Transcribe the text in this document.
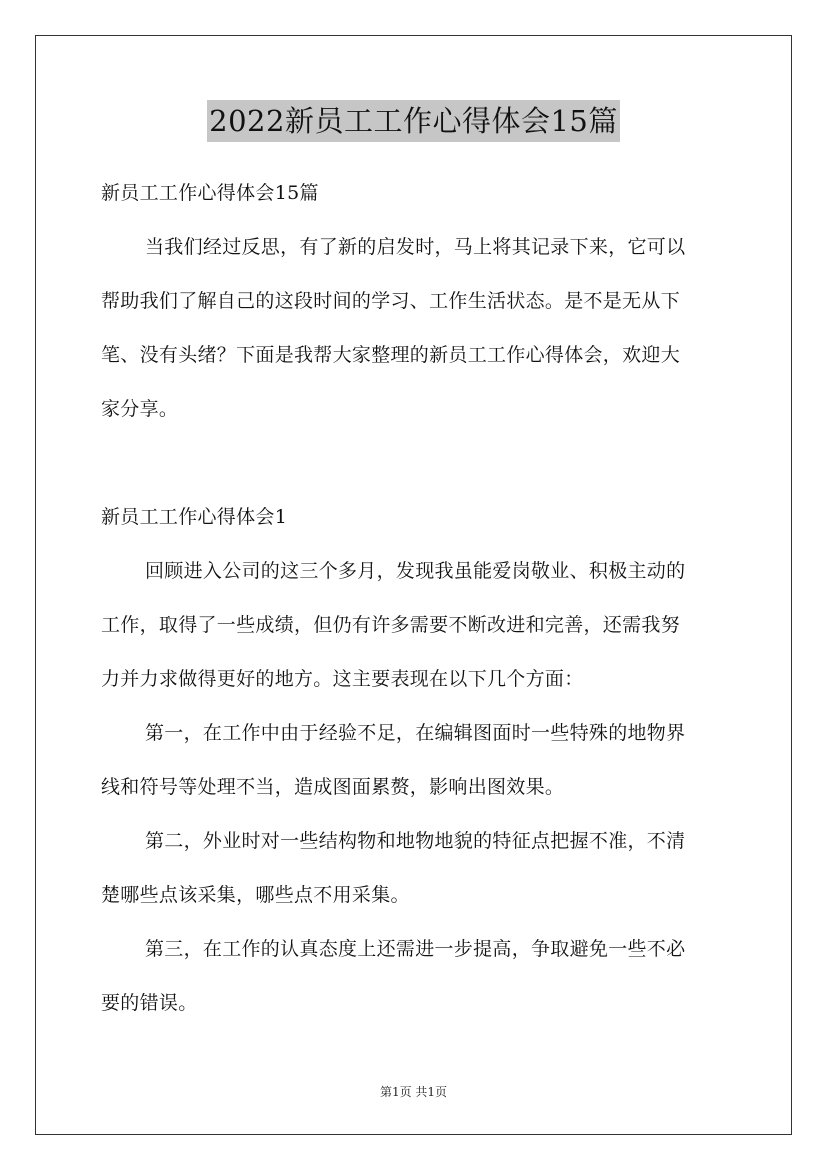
2022新员工工作心得体会15篇
新员工工作心得体会15篇
当我们经过反思，有了新的启发时，马上将其记录下来，它可以
帮助我们了解自己的这段时间的学习、工作生活状态。是不是无从下
笔、没有头绪？下面是我帮大家整理的新员工工作心得体会，欢迎大
家分享。
新员工工作心得体会1
回顾进入公司的这三个多月，发现我虽能爱岗敬业、积极主动的
工作，取得了一些成绩，但仍有许多需要不断改进和完善，还需我努
力并力求做得更好的地方。这主要表现在以下几个方面：
第一，在工作中由于经验不足，在编辑图面时一些特殊的地物界
线和符号等处理不当，造成图面累赘，影响出图效果。
第二，外业时对一些结构物和地物地貌的特征点把握不准，不清
楚哪些点该采集，哪些点不用采集。
第三，在工作的认真态度上还需进一步提高，争取避免一些不必
要的错误。
第1页 共1页
